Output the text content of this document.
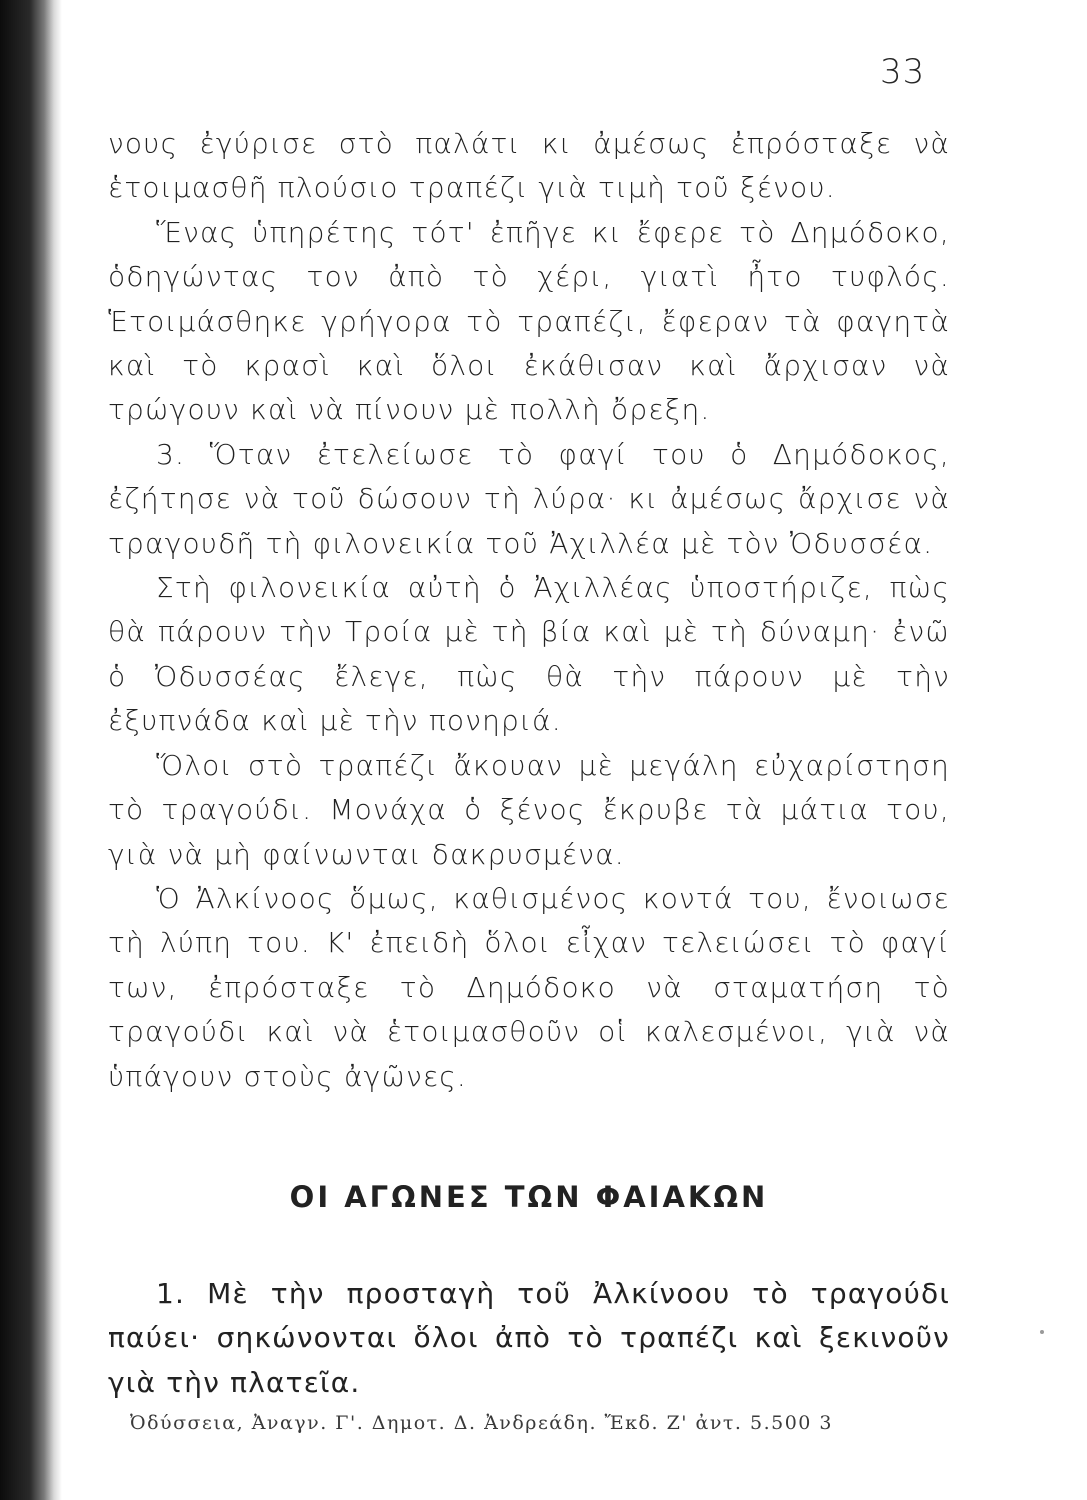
33

νους ἐγύρισε στὸ παλάτι κι ἀμέσως ἐπρόσταξε νὰ ἑτοιμασθῆ πλούσιο τραπέζι γιὰ τιμὴ τοῦ ξένου.

Ἕνας ὑπηρέτης τότ' ἐπῆγε κι ἔφερε τὸ Δημόδοκο, ὁδηγώντας τον ἀπὸ τὸ χέρι, γιατὶ ἦτο τυφλός. Ἑτοιμάσθηκε γρήγορα τὸ τραπέζι, ἔφεραν τὰ φαγητὰ καὶ τὸ κρασὶ καὶ ὅλοι ἐκάθισαν καὶ ἄρχισαν νὰ τρώγουν καὶ νὰ πίνουν μὲ πολλὴ ὄρεξη.

3. Ὅταν ἐτελείωσε τὸ φαγί του ὁ Δημόδοκος, ἐζήτησε νὰ τοῦ δώσουν τὴ λύρα· κι ἀμέσως ἄρχισε νὰ τραγουδῆ τὴ φιλονεικία τοῦ Ἀχιλλέα μὲ τὸν Ὀδυσσέα.

Στὴ φιλονεικία αὐτὴ ὁ Ἀχιλλέας ὑποστήριζε, πὼς θὰ πάρουν τὴν Τροία μὲ τὴ βία καὶ μὲ τὴ δύναμη· ἐνῶ ὁ Ὀδυσσέας ἔλεγε, πὼς θὰ τὴν πάρουν μὲ τὴν ἐξυπνάδα καὶ μὲ τὴν πονηριά.

Ὅλοι στὸ τραπέζι ἄκουαν μὲ μεγάλη εὐχαρίστηση τὸ τραγούδι. Μονάχα ὁ ξένος ἔκρυβε τὰ μάτια του, γιὰ νὰ μὴ φαίνωνται δακρυσμένα.

Ὁ Ἀλκίνοος ὅμως, καθισμένος κοντά του, ἔνοιωσε τὴ λύπη του. Κ' ἐπειδὴ ὅλοι εἶχαν τελειώσει τὸ φαγί των, ἐπρόσταξε τὸ Δημόδοκο νὰ σταματήση τὸ τραγούδι καὶ νὰ ἑτοιμασθοῦν οἱ καλεσμένοι, γιὰ νὰ ὑπάγουν στοὺς ἀγῶνες.

ΟΙ ΑΓΩΝΕΣ ΤΩΝ ΦΑΙΑΚΩΝ

1. Μὲ τὴν προσταγὴ τοῦ Ἀλκίνοου τὸ τραγούδι παύει· σηκώνονται ὅλοι ἀπὸ τὸ τραπέζι καὶ ξεκινοῦν γιὰ τὴν πλατεῖα.

Ὀδύσσεια, Ἀναγν. Γ'. Δημοτ. Δ. Ἀνδρεάδη. Ἔκδ. Ζ' ἀντ. 5.500 3
